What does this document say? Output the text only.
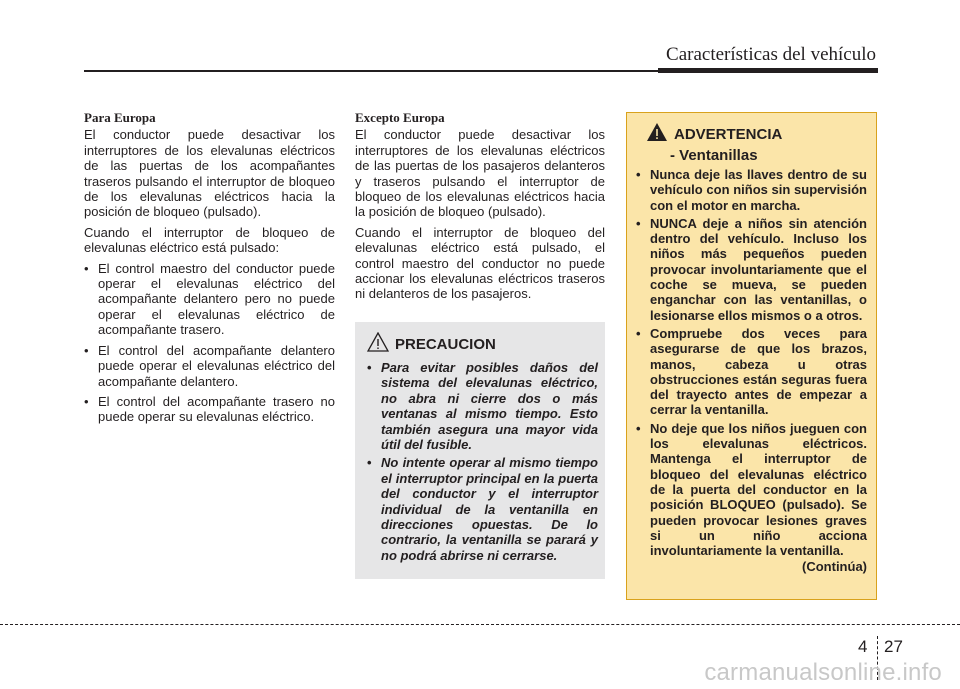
Características del vehículo
Para Europa

El conductor puede desactivar los interruptores de los elevalunas eléctricos de las puertas de los acompañantes traseros pulsando el interruptor de bloqueo de los elevalunas eléctricos hacia la posición de bloqueo (pulsado).

Cuando el interruptor de bloqueo de elevalunas eléctrico está pulsado:

• El control maestro del conductor puede operar el elevalunas eléctrico del acompañante delantero pero no puede operar el elevalunas eléctrico de acompañante trasero.
• El control del acompañante delantero puede operar el elevalunas eléctrico del acompañante delantero.
• El control del acompañante trasero no puede operar su elevalunas eléctrico.
Excepto Europa

El conductor puede desactivar los interruptores de los elevalunas eléctricos de las puertas de los pasajeros delanteros y traseros pulsando el interruptor de bloqueo de los elevalunas eléctricos hacia la posición de bloqueo (pulsado).

Cuando el interruptor de bloqueo del elevalunas eléctrico está pulsado, el control maestro del conductor no puede accionar los elevalunas eléctricos traseros ni delanteros de los pasajeros.

PRECAUCION
• Para evitar posibles daños del sistema del elevalunas eléctrico, no abra ni cierre dos o más ventanas al mismo tiempo. Esto también asegura una mayor vida útil del fusible.
• No intente operar al mismo tiempo el interruptor principal en la puerta del conductor y el interruptor individual de la ventanilla en direcciones opuestas. De lo contrario, la ventanilla se parará y no podrá abrirse ni cerrarse.
ADVERTENCIA
- Ventanillas
• Nunca deje las llaves dentro de su vehículo con niños sin supervisión con el motor en marcha.
• NUNCA deje a niños sin atención dentro del vehículo. Incluso los niños más pequeños pueden provocar involuntariamente que el coche se mueva, se pueden enganchar con las ventanillas, o lesionarse ellos mismos o a otros.
• Compruebe dos veces para asegurarse de que los brazos, manos, cabeza u otras obstrucciones están seguras fuera del trayecto antes de empezar a cerrar la ventanilla.
• No deje que los niños jueguen con los elevalunas eléctricos. Mantenga el interruptor de bloqueo del elevalunas eléctrico de la puerta del conductor en la posición BLOQUEO (pulsado). Se pueden provocar lesiones graves si un niño acciona involuntariamente la ventanilla.
(Continúa)
4 27
carmanualsonline.info
